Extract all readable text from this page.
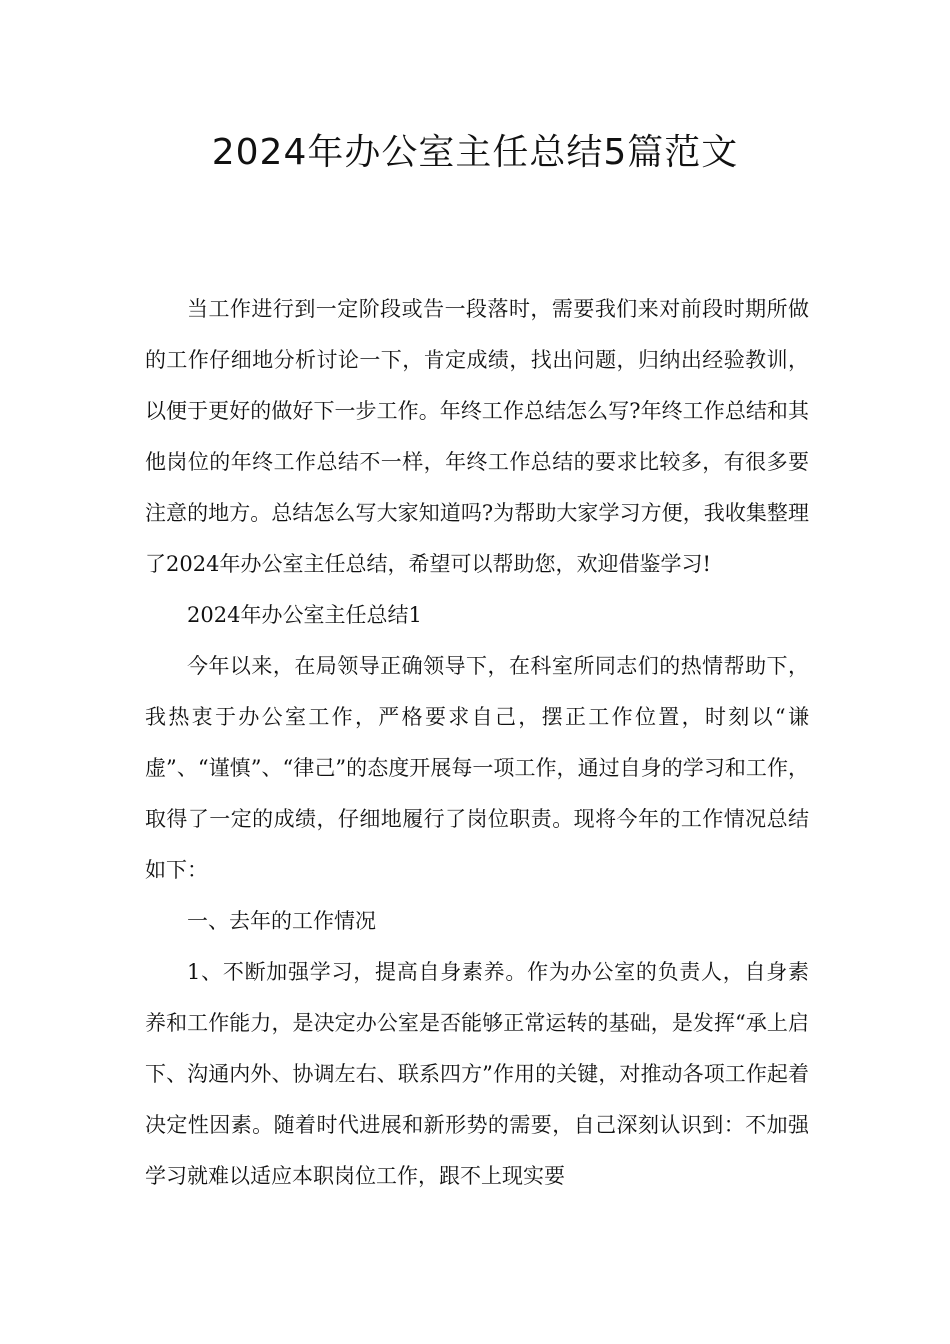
2024年办公室主任总结5篇范文

当工作进行到一定阶段或告一段落时，需要我们来对前段时期所做的工作仔细地分析讨论一下，肯定成绩，找出问题，归纳出经验教训，以便于更好的做好下一步工作。年终工作总结怎么写?年终工作总结和其他岗位的年终工作总结不一样，年终工作总结的要求比较多，有很多要注意的地方。总结怎么写大家知道吗?为帮助大家学习方便，我收集整理了2024年办公室主任总结，希望可以帮助您，欢迎借鉴学习!

2024年办公室主任总结1

今年以来，在局领导正确领导下，在科室所同志们的热情帮助下，我热衷于办公室工作，严格要求自己，摆正工作位置，时刻以“谦虚”、“谨慎”、“律己”的态度开展每一项工作，通过自身的学习和工作，取得了一定的成绩，仔细地履行了岗位职责。现将今年的工作情况总结如下：

一、去年的工作情况

1、不断加强学习，提高自身素养。作为办公室的负责人，自身素养和工作能力，是决定办公室是否能够正常运转的基础，是发挥“承上启下、沟通内外、协调左右、联系四方”作用的关键，对推动各项工作起着决定性因素。随着时代进展和新形势的需要，自己深刻认识到：不加强学习就难以适应本职岗位工作，跟不上现实要
